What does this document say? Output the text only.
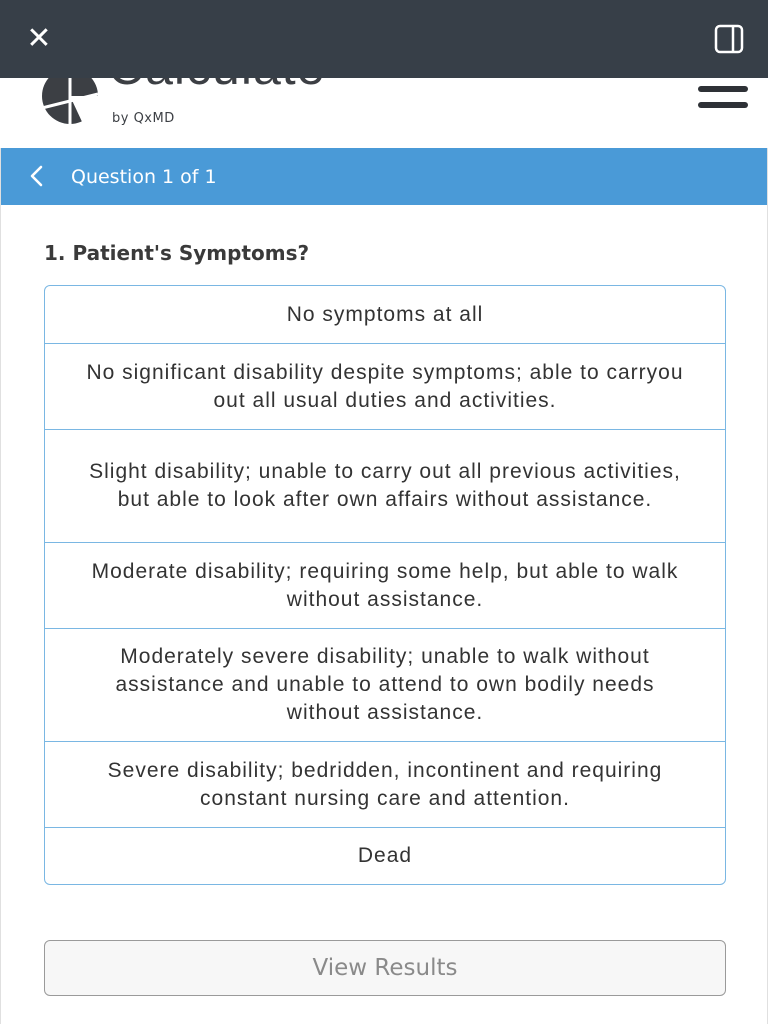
by QxMD
✕
Question 1 of 1
1. Patient's Symptoms?
No symptoms at all
No significant disability despite symptoms; able to carryou out all usual duties and activities.
Slight disability; unable to carry out all previous activities, but able to look after own affairs without assistance.
Moderate disability; requiring some help, but able to walk without assistance.
Moderately severe disability; unable to walk without assistance and unable to attend to own bodily needs without assistance.
Severe disability; bedridden, incontinent and requiring constant nursing care and attention.
Dead
View Results
